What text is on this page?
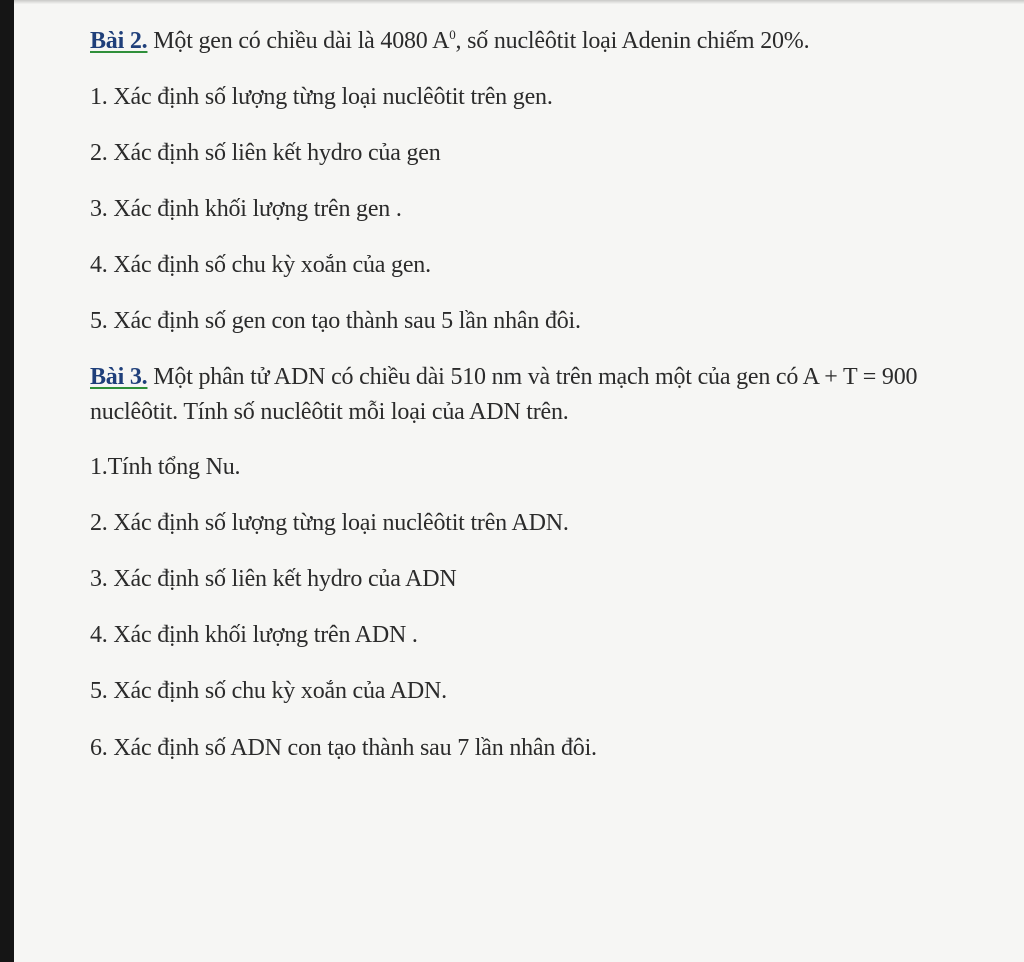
Bài 2. Một gen có chiều dài là 4080 $A^0$, số nuclêôtit loại Adenin chiếm 20%.
1. Xác định số lượng từng loại nuclêôtit trên gen.
2. Xác định số liên kết hydro của gen
3. Xác định khối lượng trên gen .
4. Xác định số chu kỳ xoắn của gen.
5. Xác định số gen con tạo thành sau 5 lần nhân đôi.
Bài 3. Một phân tử ADN có chiều dài 510 nm và trên mạch một của gen có A + T = 900
nuclêôtit. Tính số nuclêôtit mỗi loại của ADN trên.
1.Tính tổng Nu.
2. Xác định số lượng từng loại nuclêôtit trên ADN.
3. Xác định số liên kết hydro của ADN
4. Xác định khối lượng trên ADN .
5. Xác định số chu kỳ xoắn của ADN.
6. Xác định số ADN con tạo thành sau 7 lần nhân đôi.
